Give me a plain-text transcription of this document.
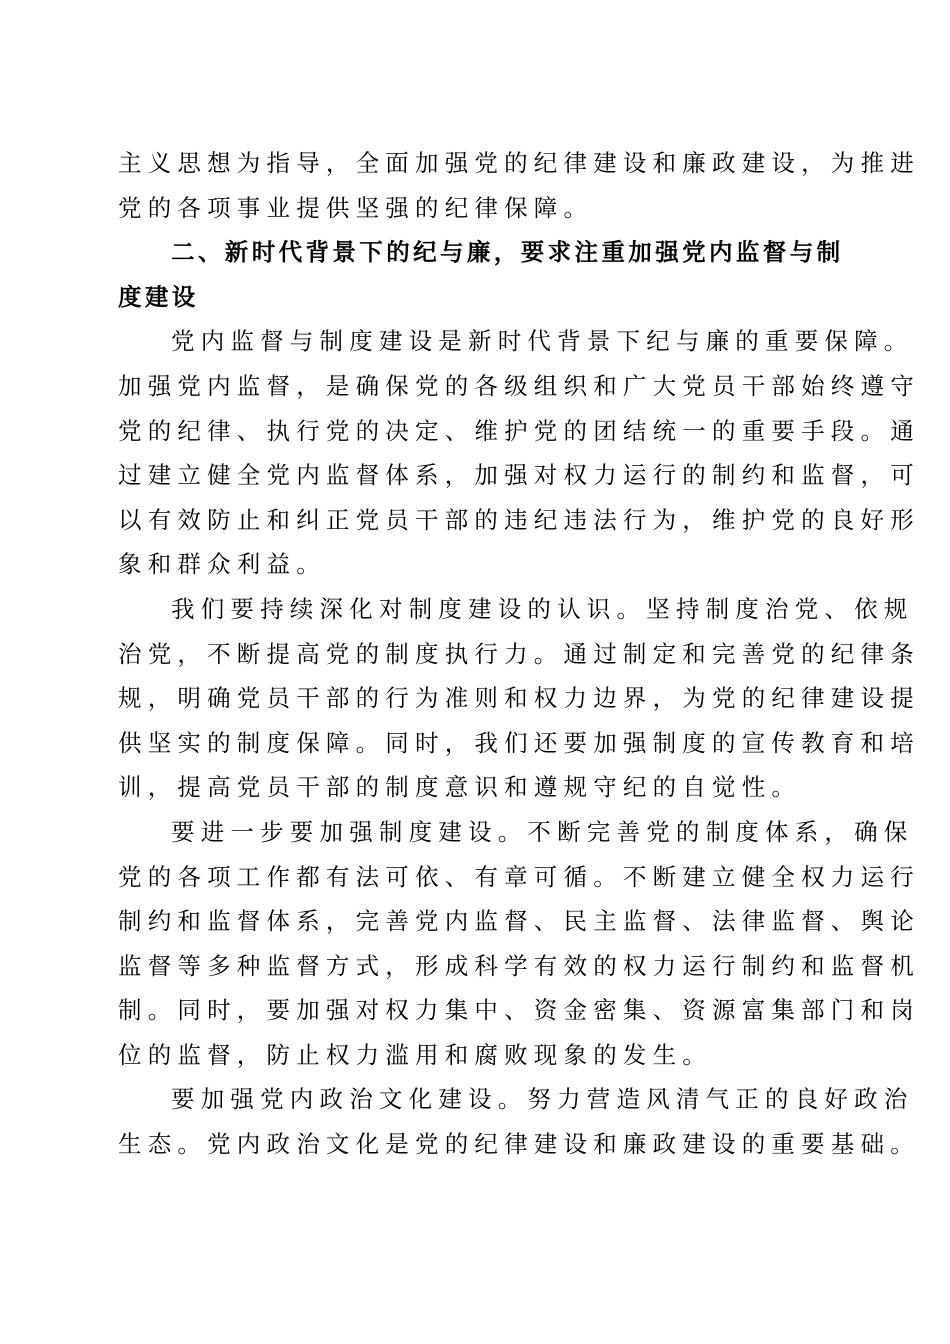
主义思想为指导，全面加强党的纪律建设和廉政建设，为推进
党的各项事业提供坚强的纪律保障。
二、新时代背景下的纪与廉，要求注重加强党内监督与制
度建设
党内监督与制度建设是新时代背景下纪与廉的重要保障。
加强党内监督，是确保党的各级组织和广大党员干部始终遵守
党的纪律、执行党的决定、维护党的团结统一的重要手段。通
过建立健全党内监督体系，加强对权力运行的制约和监督，可
以有效防止和纠正党员干部的违纪违法行为，维护党的良好形
象和群众利益。
我们要持续深化对制度建设的认识。坚持制度治党、依规
治党，不断提高党的制度执行力。通过制定和完善党的纪律条
规，明确党员干部的行为准则和权力边界，为党的纪律建设提
供坚实的制度保障。同时，我们还要加强制度的宣传教育和培
训，提高党员干部的制度意识和遵规守纪的自觉性。
要进一步要加强制度建设。不断完善党的制度体系，确保
党的各项工作都有法可依、有章可循。不断建立健全权力运行
制约和监督体系，完善党内监督、民主监督、法律监督、舆论
监督等多种监督方式，形成科学有效的权力运行制约和监督机
制。同时，要加强对权力集中、资金密集、资源富集部门和岗
位的监督，防止权力滥用和腐败现象的发生。
要加强党内政治文化建设。努力营造风清气正的良好政治
生态。党内政治文化是党的纪律建设和廉政建设的重要基础。
